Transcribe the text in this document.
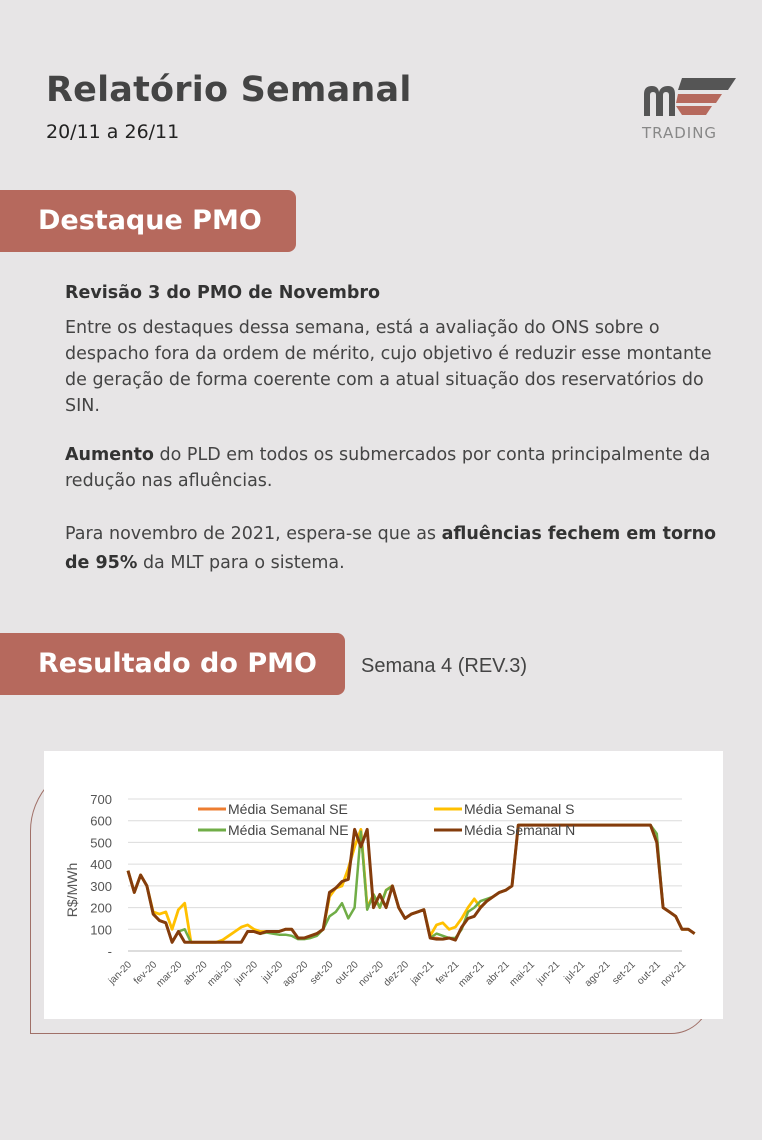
Relatório Semanal
20/11 a 26/11	TRADING
Destaque PMO
Revisão 3 do PMO de Novembro
Entre os destaques dessa semana, está a avaliação do ONS sobre o despacho fora da ordem de mérito, cujo objetivo é reduzir esse montante de geração de forma coerente com a atual situação dos reservatórios do SIN.
Aumento do PLD em todos os submercados por conta principalmente da redução nas afluências.
Para novembro de 2021, espera-se que as afluências fechem em torno de 95% da MLT para o sistema.
Resultado do PMO	Semana 4 (REV.3)
-
100
200
300
400
500
600
700
jan-20
fev-20
mar-20
abr-20
mai-20
jun-20 jul-20
ago-20
set-20
out-20
nov-20
dez-20
jan-21
fev-21
mar-21
abr-21
mai-21
jun-21 jul-21
ago-21
set-21
out-21
nov-21
R$/MWh
Média Semanal SE	Média Semanal S
Média Semanal NE	Média Semanal N
